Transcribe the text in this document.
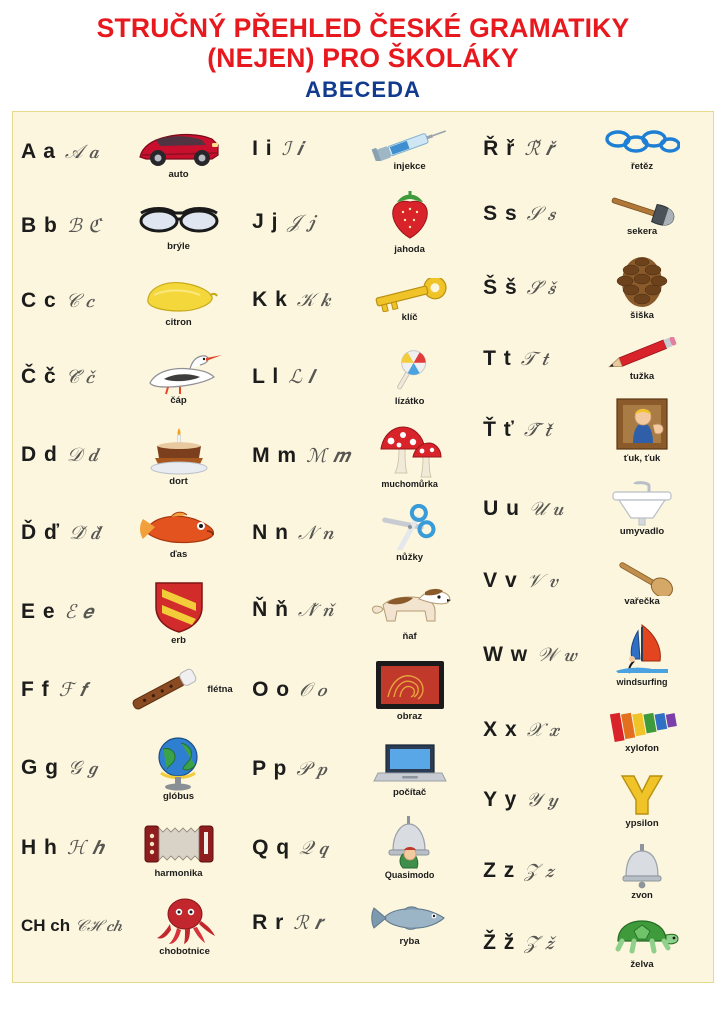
STRUČNÝ PŘEHLED ČESKÉ GRAMATIKY
(NEJEN) PRO ŠKOLÁKY
ABECEDA
A a 𝒜 𝒂
auto
B b ℬ ℭ
brýle
C c 𝒞 𝒄
citron
Č č 𝒞̌ 𝒄̌
čáp
D d 𝒟 𝒅
dort
Ď ď 𝒟̌ 𝒅̌
ďas
E e ℰ 𝒆
erb
F f ℱ 𝒇	flétna
G g 𝒢 𝒈
glóbus
H h ℋ 𝒉
harmonika
CH ch 𝒞ℋ 𝒄𝒉
chobotnice
I i ℐ 𝒊
injekce
J j 𝒥 𝒋
jahoda
K k 𝒦 𝒌
klíč
L l ℒ 𝒍
lízátko
M m ℳ 𝒎
muchomůrka
N n 𝒩 𝒏
nůžky
Ň ň 𝒩̌ 𝒏̌
ňaf
O o 𝒪 𝒐
obraz
P p 𝒫 𝒑
počítač
Q q 𝒬 𝒒
Quasimodo
R r ℛ 𝒓
ryba
Ř ř ℛ̌ 𝒓̌
řetěz
S s 𝒮 𝒔
sekera
Š š 𝒮̌ 𝒔̌
šiška
T t 𝒯 𝒕
tužka
Ť ť 𝒯̌ 𝒕̌
ťuk, ťuk
U u 𝒰 𝒖
umyvadlo
V v 𝒱 𝒗
vařečka
W w 𝒲 𝒘
windsurfing
X x 𝒳 𝒙
xylofon
Y y 𝒴 𝒚
ypsilon
Z z 𝒵 𝒛
zvon
Ž ž 𝒵̌ 𝒛̌
želva
